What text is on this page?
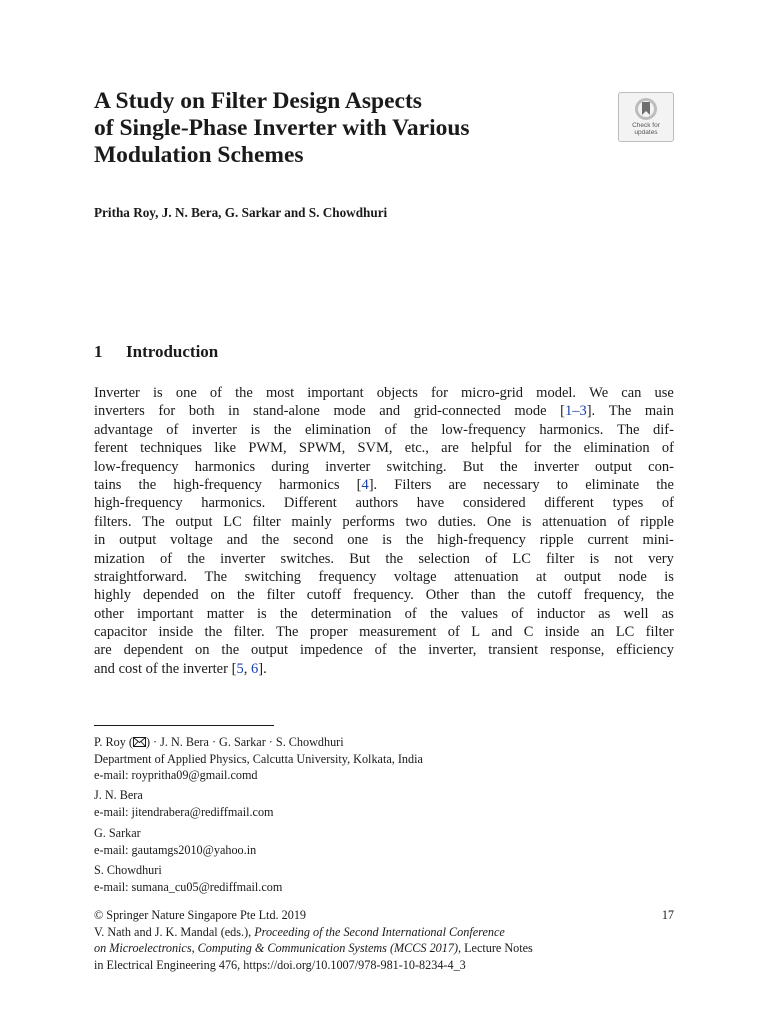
A Study on Filter Design Aspects
of Single-Phase Inverter with Various
Modulation Schemes
Check for
updates
Pritha Roy, J. N. Bera, G. Sarkar and S. Chowdhuri
1 Introduction
Inverter is one of the most important objects for micro-grid model. We can use
inverters for both in stand-alone mode and grid-connected mode [1–3]. The main
advantage of inverter is the elimination of the low-frequency harmonics. The dif-
ferent techniques like PWM, SPWM, SVM, etc., are helpful for the elimination of
low-frequency harmonics during inverter switching. But the inverter output con-
tains the high-frequency harmonics [4]. Filters are necessary to eliminate the
high-frequency harmonics. Different authors have considered different types of
filters. The output LC filter mainly performs two duties. One is attenuation of ripple
in output voltage and the second one is the high-frequency ripple current mini-
mization of the inverter switches. But the selection of LC filter is not very
straightforward. The switching frequency voltage attenuation at output node is
highly depended on the filter cutoff frequency. Other than the cutoff frequency, the
other important matter is the determination of the values of inductor as well as
capacitor inside the filter. The proper measurement of L and C inside an LC filter
are dependent on the output impedence of the inverter, transient response, efficiency
and cost of the inverter [5, 6].
P. Roy ( ) · J. N. Bera · G. Sarkar · S. Chowdhuri
Department of Applied Physics, Calcutta University, Kolkata, India
e-mail: roypritha09@gmail.comd
J. N. Bera
e-mail: jitendrabera@rediffmail.com
G. Sarkar
e-mail: gautamgs2010@yahoo.in
S. Chowdhuri
e-mail: sumana_cu05@rediffmail.com
© Springer Nature Singapore Pte Ltd. 2019	17
V. Nath and J. K. Mandal (eds.), Proceeding of the Second International Conference
on Microelectronics, Computing & Communication Systems (MCCS 2017), Lecture Notes
in Electrical Engineering 476, https://doi.org/10.1007/978-981-10-8234-4_3
